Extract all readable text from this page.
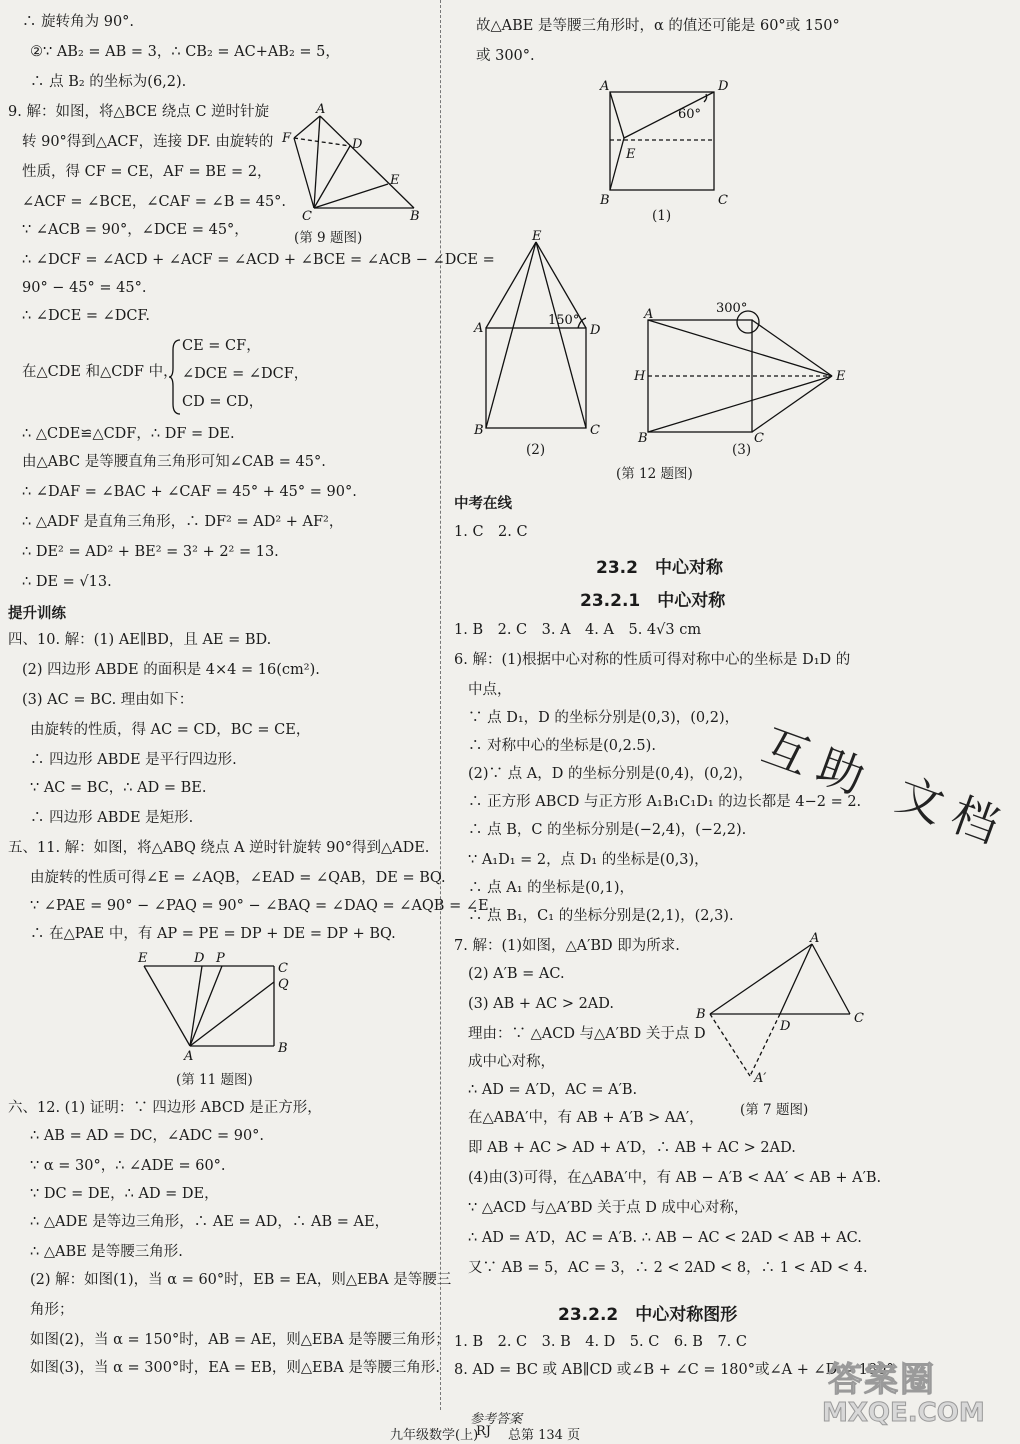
∴ 旋转角为 90°.
②∵ AB₂ = AB = 3，∴ CB₂ = AC+AB₂ = 5，
∴ 点 B₂ 的坐标为(6,2).
9. 解：如图，将△BCE 绕点 C 逆时针旋
转 90°得到△ACF，连接 DF. 由旋转的
性质，得 CF = CE，AF = BE = 2，
∠ACF = ∠BCE，∠CAF = ∠B = 45°.
∵ ∠ACB = 90°，∠DCE = 45°，
∴ ∠DCF = ∠ACD + ∠ACF = ∠ACD + ∠BCE = ∠ACB − ∠DCE =
90° − 45° = 45°.
∴ ∠DCE = ∠DCF.
A
F	D
E
C	B
(第 9 题图)
在△CDE 和△CDF 中，
CE = CF，
∠DCE = ∠DCF，
CD = CD，
∴ △CDE≌△CDF，∴ DF = DE.
由△ABC 是等腰直角三角形可知∠CAB = 45°.
∴ ∠DAF = ∠BAC + ∠CAF = 45° + 45° = 90°.
∴ △ADF 是直角三角形，∴ DF² = AD² + AF²，
∴ DE² = AD² + BE² = 3² + 2² = 13.
∴ DE = √13.
提升训练
四、10. 解：(1) AE∥BD，且 AE = BD.
(2) 四边形 ABDE 的面积是 4×4 = 16(cm²).
(3) AC = BC. 理由如下：
由旋转的性质，得 AC = CD，BC = CE，
∴ 四边形 ABDE 是平行四边形.
∵ AC = BC，∴ AD = BE.
∴ 四边形 ABDE 是矩形.
五、11. 解：如图，将△ABQ 绕点 A 逆时针旋转 90°得到△ADE.
由旋转的性质可得∠E = ∠AQB，∠EAD = ∠QAB，DE = BQ.
∵ ∠PAE = 90° − ∠PAQ = 90° − ∠BAQ = ∠DAQ = ∠AQB = ∠E，
∴ 在△PAE 中，有 AP = PE = DP + DE = DP + BQ.
E	D P
C
Q
A
B
(第 11 题图)
六、12. (1) 证明：∵ 四边形 ABCD 是正方形，
∴ AB = AD = DC，∠ADC = 90°.
∵ α = 30°，∴ ∠ADE = 60°.
∵ DC = DE，∴ AD = DE，
∴ △ADE 是等边三角形，∴ AE = AD，∴ AB = AE，
∴ △ABE 是等腰三角形.
(2) 解：如图(1)，当 α = 60°时，EB = EA，则△EBA 是等腰三
角形；
如图(2)，当 α = 150°时，AB = AE，则△EBA 是等腰三角形；
如图(3)，当 α = 300°时，EA = EB，则△EBA 是等腰三角形.
故△ABE 是等腰三角形时，α 的值还可能是 60°或 150°
或 300°.
A	D
60°
E
B	C
(1)
E
A
150°
D
B	C
(2)
300°
A
H	E
B	C
(3)
(第 12 题图)
中考在线
1. C　2. C
23.2　中心对称
23.2.1　中心对称
1. B　2. C　3. A　4. A　5. 4√3 cm
6. 解：(1)根据中心对称的性质可得对称中心的坐标是 D₁D 的
中点，
∵ 点 D₁，D 的坐标分别是(0,3)，(0,2)，
∴ 对称中心的坐标是(0,2.5).
(2)∵ 点 A，D 的坐标分别是(0,4)，(0,2)，
∴ 正方形 ABCD 与正方形 A₁B₁C₁D₁ 的边长都是 4−2 = 2.
∴ 点 B，C 的坐标分别是(−2,4)，(−2,2).
∵ A₁D₁ = 2，点 D₁ 的坐标是(0,3)，
∴ 点 A₁ 的坐标是(0,1)，
∴ 点 B₁，C₁ 的坐标分别是(2,1)，(2,3).
互助 文档
7. 解：(1)如图，△A′BD 即为所求.
(2) A′B = AC.
(3) AB + AC > 2AD.
理由：∵ △ACD 与△A′BD 关于点 D
成中心对称，
∴ AD = A′D，AC = A′B.
在△ABA′中，有 AB + A′B > AA′，
即 AB + AC > AD + A′D，∴ AB + AC > 2AD.
(4)由(3)可得，在△ABA′中，有 AB − A′B < AA′ < AB + A′B.
∵ △ACD 与△A′BD 关于点 D 成中心对称，
∴ AD = A′D，AC = A′B. ∴ AB − AC < 2AD < AB + AC.
又∵ AB = 5，AC = 3，∴ 2 < 2AD < 8，∴ 1 < AD < 4.
A
B
D
C
A′
(第 7 题图)
23.2.2　中心对称图形
1. B　2. C　3. B　4. D　5. C　6. B　7. C
8. AD = BC 或 AB∥CD 或∠B + ∠C = 180°或∠A + ∠D = 180°
参考答案
九年级数学(上)
RJ 总第 134 页
答案圈
MXQE.COM
